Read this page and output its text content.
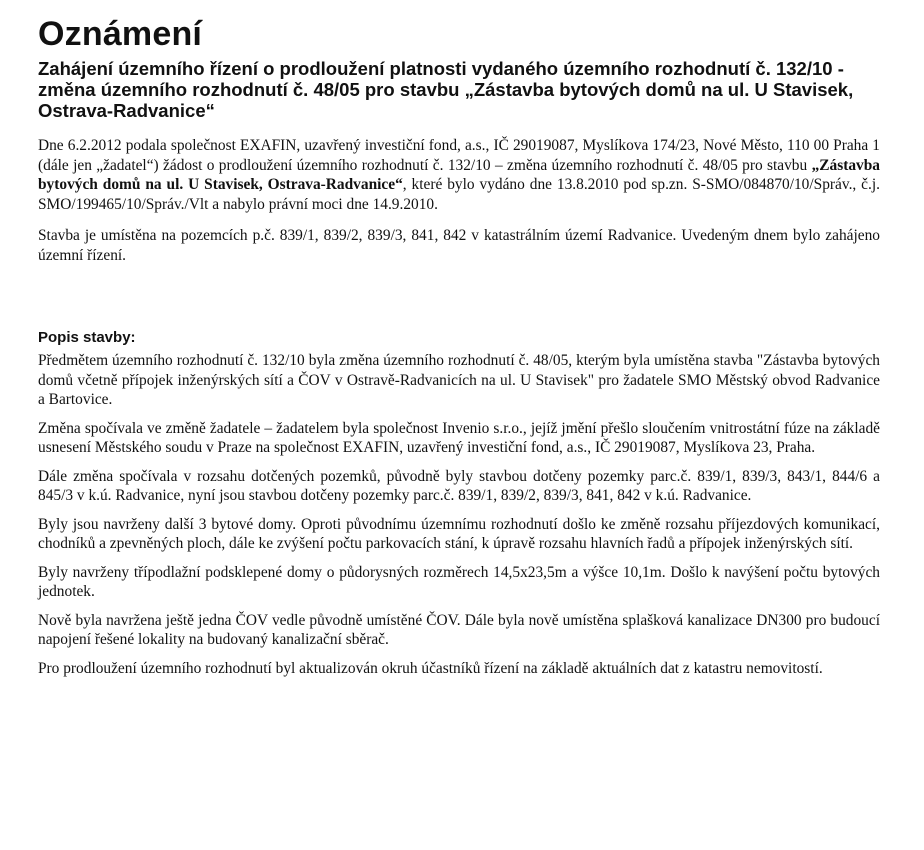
Oznámení
Zahájení územního řízení o prodloužení platnosti vydaného územního rozhodnutí č. 132/10 - změna územního rozhodnutí č. 48/05 pro stavbu „Zástavba bytových domů na ul. U Stavisek, Ostrava-Radvanice“

Dne 6.2.2012 podala společnost EXAFIN, uzavřený investiční fond, a.s., IČ 29019087, Myslíkova 174/23, Nové Město, 110 00 Praha 1 (dále jen „žadatel“) žádost o prodloužení územního rozhodnutí č. 132/10 – změna územního rozhodnutí č. 48/05 pro stavbu „Zástavba bytových domů na ul. U Stavisek, Ostrava-Radvanice“, které bylo vydáno dne 13.8.2010 pod sp.zn. S-SMO/084870/10/Správ., č.j. SMO/199465/10/Správ./Vlt a nabylo právní moci dne 14.9.2010.

Stavba je umístěna na pozemcích p.č. 839/1, 839/2, 839/3, 841, 842 v katastrálním území Radvanice. Uvedeným dnem bylo zahájeno územní řízení.

Popis stavby:

Předmětem územního rozhodnutí č. 132/10 byla změna územního rozhodnutí č. 48/05, kterým byla umístěna stavba "Zástavba bytových domů včetně přípojek inženýrských sítí a ČOV v Ostravě-Radvanicích na ul. U Stavisek" pro žadatele SMO Městský obvod Radvanice a Bartovice.

Změna spočívala ve změně žadatele – žadatelem byla společnost Invenio s.r.o., jejíž jmění přešlo sloučením vnitrostátní fúze na základě usnesení Městského soudu v Praze na společnost EXAFIN, uzavřený investiční fond, a.s., IČ 29019087, Myslíkova 23, Praha.

Dále změna spočívala v rozsahu dotčených pozemků, původně byly stavbou dotčeny pozemky parc.č. 839/1, 839/3, 843/1, 844/6 a 845/3 v k.ú. Radvanice, nyní jsou stavbou dotčeny pozemky parc.č. 839/1, 839/2, 839/3, 841, 842 v k.ú. Radvanice.

Byly jsou navrženy další 3 bytové domy. Oproti původnímu územnímu rozhodnutí došlo ke změně rozsahu příjezdových komunikací, chodníků a zpevněných ploch, dále ke zvýšení počtu parkovacích stání, k úpravě rozsahu hlavních řadů a přípojek inženýrských sítí.

Byly navrženy třípodlažní podsklepené domy o půdorysných rozměrech 14,5x23,5m a výšce 10,1m. Došlo k navýšení počtu bytových jednotek.

Nově byla navržena ještě jedna ČOV vedle původně umístěné ČOV. Dále byla nově umístěna splašková kanalizace DN300 pro budoucí napojení řešené lokality na budovaný kanalizační sběrač.

Pro prodloužení územního rozhodnutí byl aktualizován okruh účastníků řízení na základě aktuálních dat z katastru nemovitostí.
